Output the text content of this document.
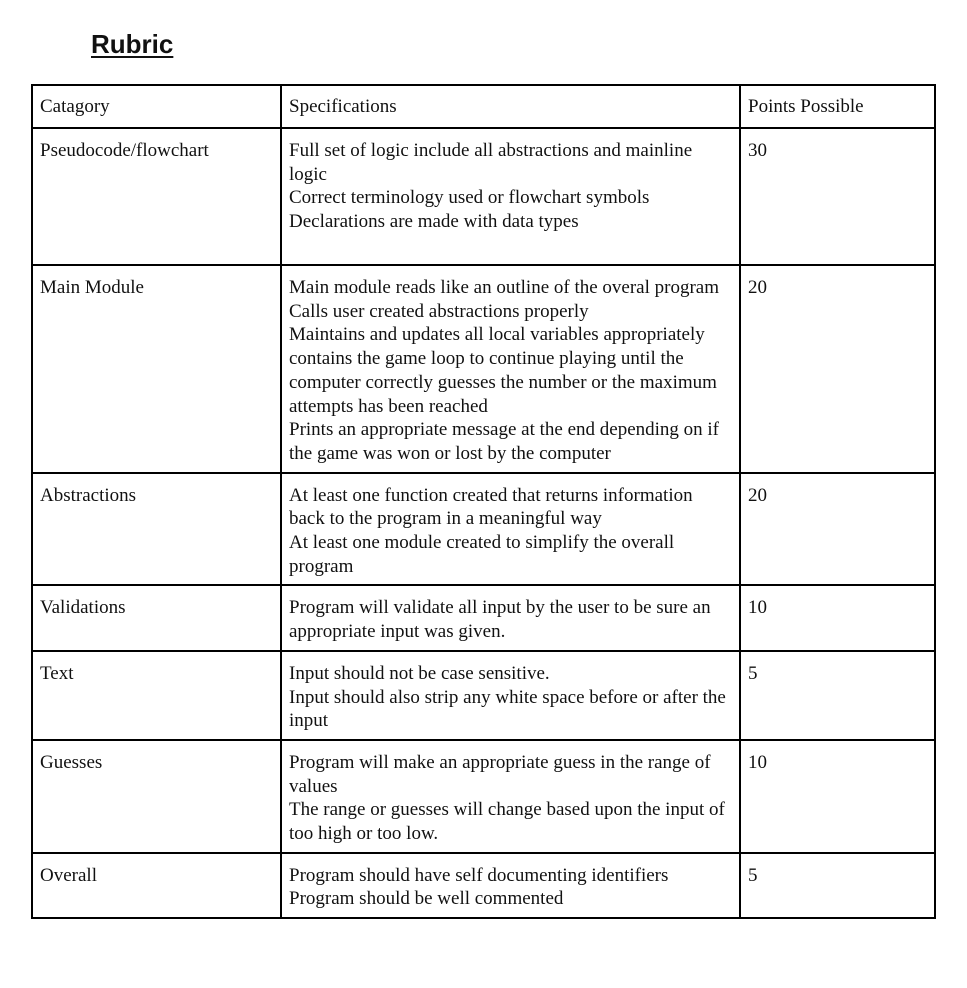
Rubric
Catagory	Specifications	Points Possible
Pseudocode/flowchart	Full set of logic include all abstractions and mainline logic
Correct terminology used or flowchart symbols
Declarations are made with data types	30
Main Module	Main module reads like an outline of the overal program
Calls user created abstractions properly
Maintains and updates all local variables appropriately
contains the game loop to continue playing until the computer correctly guesses the number or the maximum attempts has been reached
Prints an appropriate message at the end depending on if the game was won or lost by the computer	20
Abstractions	At least one function created that returns information back to the program in a meaningful way
At least one module created to simplify the overall program	20
Validations	Program will validate all input by the user to be sure an appropriate input was given.	10
Text	Input should not be case sensitive.
Input should also strip any white space before or after the input	5
Guesses	Program will make an appropriate guess in the range of values
The range or guesses will change based upon the input of too high or too low.	10
Overall	Program should have self documenting identifiers
Program should be well commented	5
